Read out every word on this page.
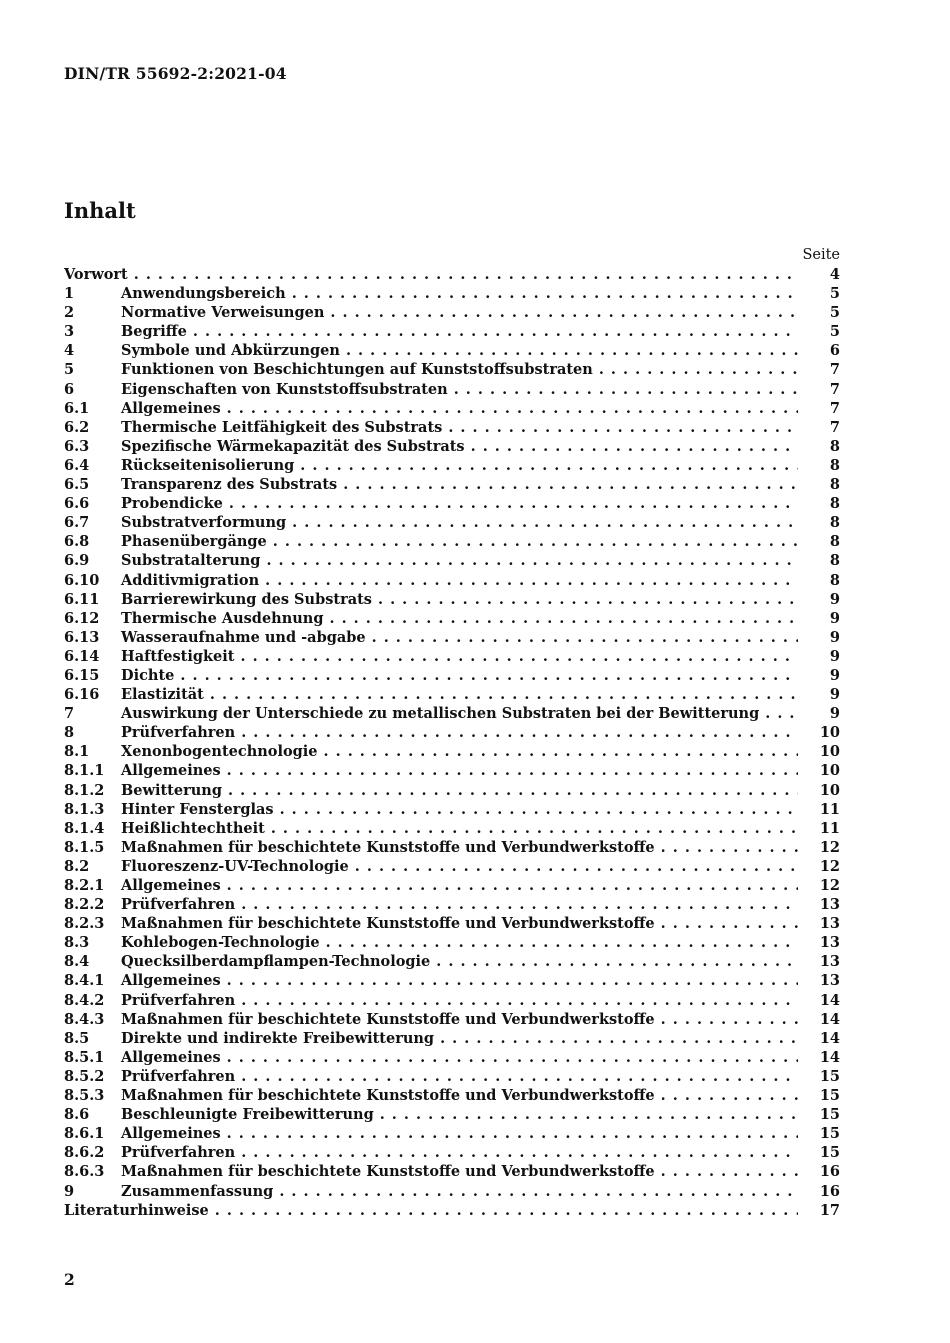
DIN/TR 55692-2:2021-04
Inhalt
Seite
Vorwort . . .	4
1	Anwendungsbereich . . .	5
2	Normative Verweisungen . . .	5
3	Begriffe . . .	5
4	Symbole und Abkürzungen . . .	6
5	Funktionen von Beschichtungen auf Kunststoffsubstraten . . .	7
6	Eigenschaften von Kunststoffsubstraten . . .	7
6.1	Allgemeines . . .	7
6.2	Thermische Leitfähigkeit des Substrats . . .	7
6.3	Spezifische Wärmekapazität des Substrats . . .	8
6.4	Rückseitenisolierung . . .	8
6.5	Transparenz des Substrats . . .	8
6.6	Probendicke . . .	8
6.7	Substratverformung . . .	8
6.8	Phasenübergänge . . .	8
6.9	Substratalterung . . .	8
6.10	Additivmigration . . .	8
6.11	Barrierewirkung des Substrats . . .	9
6.12	Thermische Ausdehnung . . .	9
6.13	Wasseraufnahme und -abgabe . . .	9
6.14	Haftfestigkeit . . .	9
6.15	Dichte . . .	9
6.16	Elastizität . . .	9
7	Auswirkung der Unterschiede zu metallischen Substraten bei der Bewitterung . . .	9
8	Prüfverfahren . . .	10
8.1	Xenonbogentechnologie . . .	10
8.1.1	Allgemeines . . .	10
8.1.2	Bewitterung . . .	10
8.1.3	Hinter Fensterglas . . .	11
8.1.4	Heißlichtechtheit . . .	11
8.1.5	Maßnahmen für beschichtete Kunststoffe und Verbundwerkstoffe . . .	12
8.2	Fluoreszenz-UV-Technologie . . .	12
8.2.1	Allgemeines . . .	12
8.2.2	Prüfverfahren . . .	13
8.2.3	Maßnahmen für beschichtete Kunststoffe und Verbundwerkstoffe . . .	13
8.3	Kohlebogen-Technologie . . .	13
8.4	Quecksilberdampflampen-Technologie . . .	13
8.4.1	Allgemeines . . .	13
8.4.2	Prüfverfahren . . .	14
8.4.3	Maßnahmen für beschichtete Kunststoffe und Verbundwerkstoffe . . .	14
8.5	Direkte und indirekte Freibewitterung . . .	14
8.5.1	Allgemeines . . .	14
8.5.2	Prüfverfahren . . .	15
8.5.3	Maßnahmen für beschichtete Kunststoffe und Verbundwerkstoffe . . .	15
8.6	Beschleunigte Freibewitterung . . .	15
8.6.1	Allgemeines . . .	15
8.6.2	Prüfverfahren . . .	15
8.6.3	Maßnahmen für beschichtete Kunststoffe und Verbundwerkstoffe . . .	16
9	Zusammenfassung . . .	16
Literaturhinweise . . .	17
2
